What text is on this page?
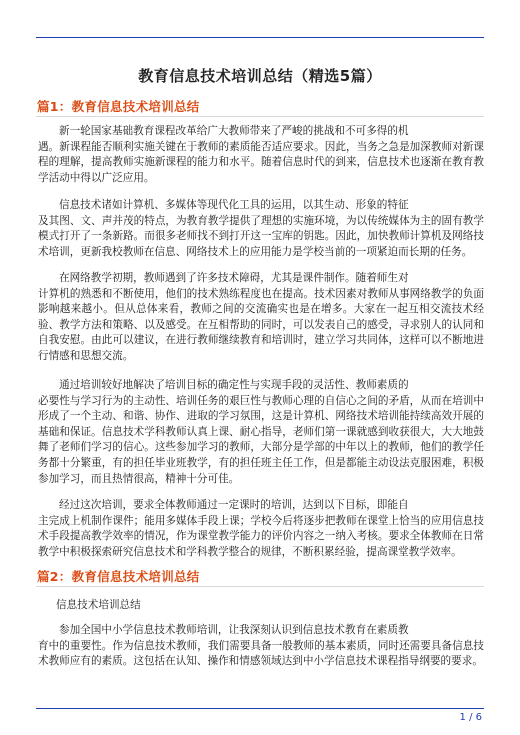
教育信息技术培训总结（精选5篇）
篇1：教育信息技术培训总结
新一轮国家基础教育课程改革给广大教师带来了严峻的挑战和不可多得的机
遇。新课程能否顺利实施关键在于教师的素质能否适应要求。因此，当务之急是加深教师对新课程的理解，提高教师实施新课程的能力和水平。随着信息时代的到来，信息技术也逐渐在教育教学活动中得以广泛应用。
信息技术诸如计算机、多媒体等现代化工具的运用，以其生动、形象的特征
及其图、文、声并茂的特点，为教育教学提供了理想的实施环境，为以传统媒体为主的固有教学模式打开了一条新路。而很多老师找不到打开这一宝库的钥匙。因此，加快教师计算机及网络技术培训，更新我校教师在信息、网络技术上的应用能力是学校当前的一项紧迫而长期的任务。
在网络教学初期，教师遇到了许多技术障碍，尤其是课件制作。随着师生对
计算机的熟悉和不断使用，他们的技术熟练程度也在提高。技术因素对教师从事网络教学的负面影响越来越小。但从总体来看，教师之间的交流确实也是在增多。大家在一起互相交流技术经验、教学方法和策略、以及感受。在互相帮助的同时，可以发表自己的感受，寻求别人的认同和自我安慰。由此可以建议，在进行教师继续教育和培训时，建立学习共同体，这样可以不断地进行情感和思想交流。
通过培训较好地解决了培训目标的确定性与实现手段的灵活性、教师素质的
必要性与学习行为的主动性、培训任务的艰巨性与教师心理的自信心之间的矛盾，从而在培训中形成了一个主动、和谐、协作、进取的学习氛围，这是计算机、网络技术培训能持续高效开展的基础和保证。信息技术学科教师认真上课、耐心指导，老师们第一课就感到收获很大，大大地鼓舞了老师们学习的信心。这些参加学习的教师，大部分是学部的中年以上的教师，他们的教学任务都十分繁重，有的担任毕业班教学，有的担任班主任工作，但是都能主动设法克服困难，积极参加学习，而且热情很高，精神十分可佳。
经过这次培训，要求全体教师通过一定课时的培训，达到以下目标，即能自
主完成上机制作课件；能用多媒体手段上课；学校今后将逐步把教师在课堂上恰当的应用信息技术手段提高教学效率的情况，作为课堂教学能力的评价内容之一纳入考核。要求全体教师在日常教学中积极探索研究信息技术和学科教学整合的规律，不断积累经验，提高课堂教学效率。
篇2：教育信息技术培训总结
信息技术培训总结
参加全国中小学信息技术教师培训，让我深刻认识到信息技术教育在素质教
育中的重要性。作为信息技术教师，我们需要具备一般教师的基本素质，同时还需要具备信息技术教师应有的素质。这包括在认知、操作和情感领域达到中小学信息技术课程指导纲要的要求。
1 / 6
